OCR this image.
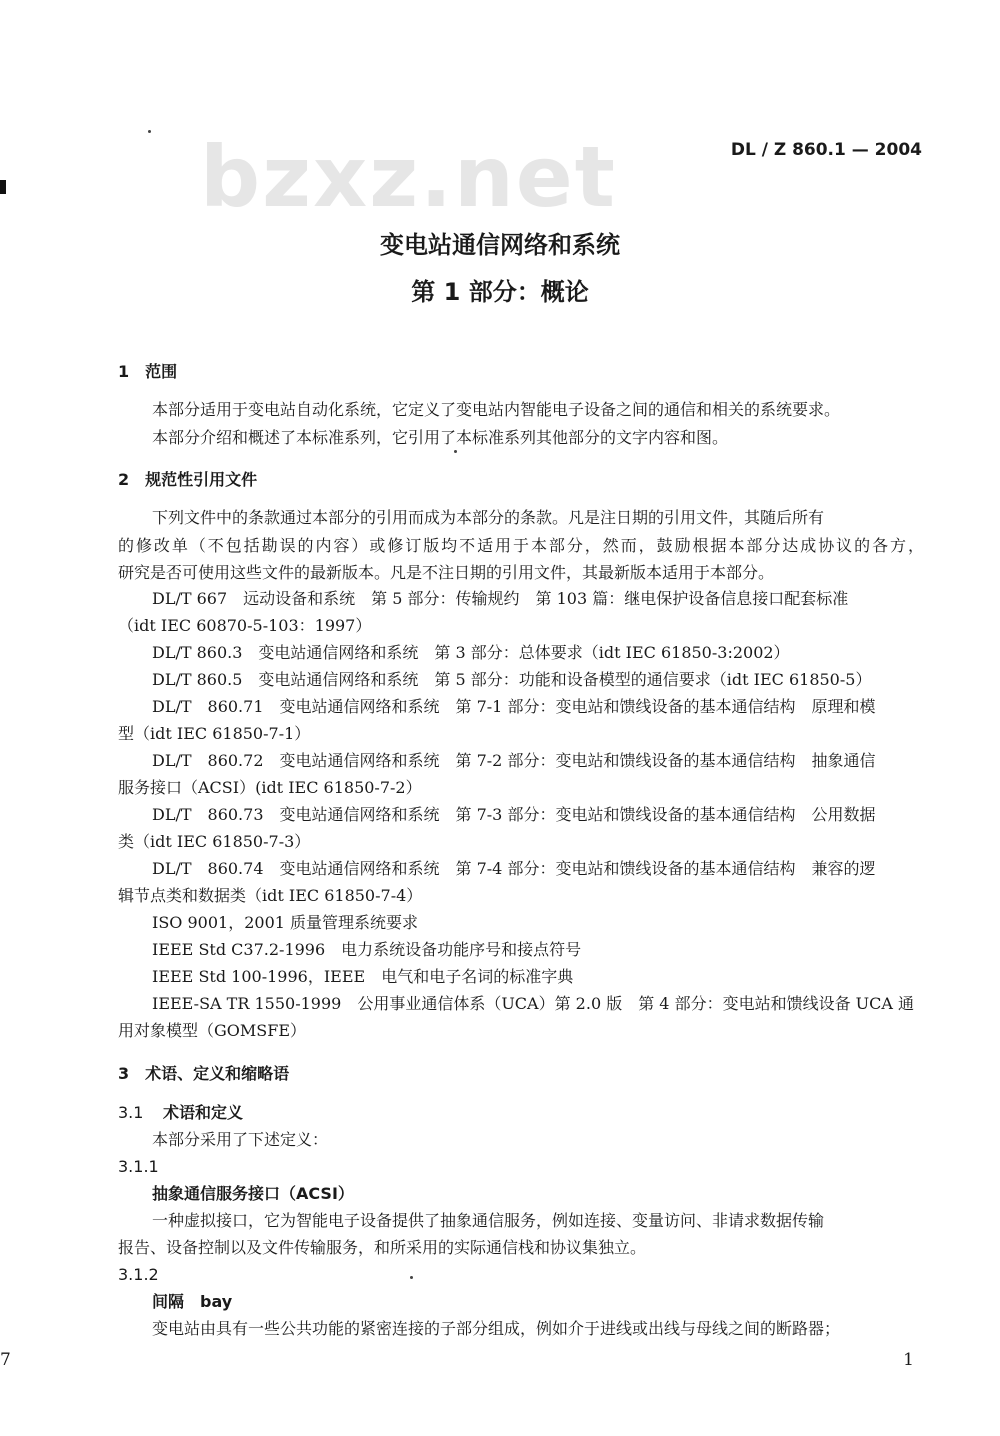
bzxz.net	DL / Z 860.1 — 2004
变电站通信网络和系统
第 1 部分：概论
1　范围
本部分适用于变电站自动化系统，它定义了变电站内智能电子设备之间的通信和相关的系统要求。
本部分介绍和概述了本标准系列，它引用了本标准系列其他部分的文字内容和图。
2　规范性引用文件
下列文件中的条款通过本部分的引用而成为本部分的条款。凡是注日期的引用文件，其随后所有
的修改单（不包括勘误的内容）或修订版均不适用于本部分，然而，鼓励根据本部分达成协议的各方，
研究是否可使用这些文件的最新版本。凡是不注日期的引用文件，其最新版本适用于本部分。
DL/T 667　远动设备和系统　第 5 部分：传输规约　第 103 篇：继电保护设备信息接口配套标准
（idt IEC 60870-5-103：1997）
DL/T 860.3　变电站通信网络和系统　第 3 部分：总体要求（idt IEC 61850-3:2002）
DL/T 860.5　变电站通信网络和系统　第 5 部分：功能和设备模型的通信要求（idt IEC 61850-5）
DL/T　860.71　变电站通信网络和系统　第 7-1 部分：变电站和馈线设备的基本通信结构　原理和模
型（idt IEC 61850-7-1）
DL/T　860.72　变电站通信网络和系统　第 7-2 部分：变电站和馈线设备的基本通信结构　抽象通信
服务接口（ACSI）(idt IEC 61850-7-2）
DL/T　860.73　变电站通信网络和系统　第 7-3 部分：变电站和馈线设备的基本通信结构　公用数据
类（idt IEC 61850-7-3）
DL/T　860.74　变电站通信网络和系统　第 7-4 部分：变电站和馈线设备的基本通信结构　兼容的逻
辑节点类和数据类（idt IEC 61850-7-4）
ISO 9001，2001 质量管理系统要求
IEEE Std C37.2-1996　电力系统设备功能序号和接点符号
IEEE Std 100-1996，IEEE　电气和电子名词的标准字典
IEEE-SA TR 1550-1999　公用事业通信体系（UCA）第 2.0 版　第 4 部分：变电站和馈线设备 UCA 通
用对象模型（GOMSFE）
3　术语、定义和缩略语
3.1 术语和定义
本部分采用了下述定义：
3.1.1
抽象通信服务接口（ACSI）
一种虚拟接口，它为智能电子设备提供了抽象通信服务，例如连接、变量访问、非请求数据传输
报告、设备控制以及文件传输服务，和所采用的实际通信栈和协议集独立。
3.1.2
间隔　bay
变电站由具有一些公共功能的紧密连接的子部分组成，例如介于进线或出线与母线之间的断路器；
1
7
